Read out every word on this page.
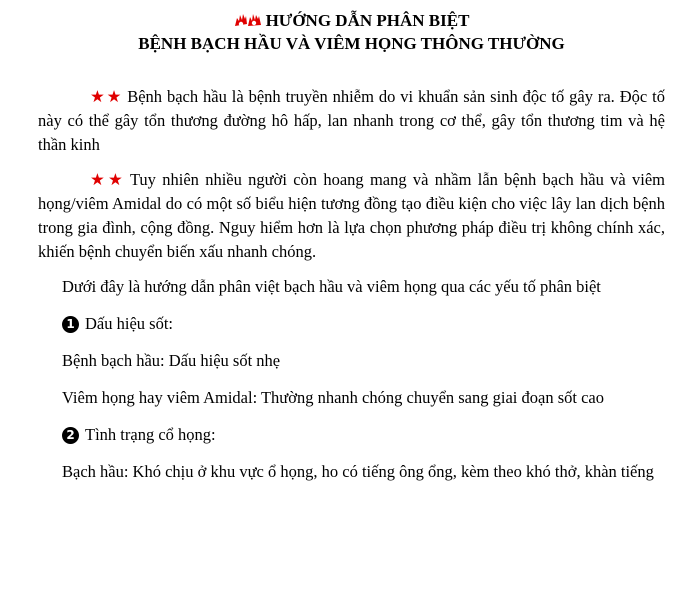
HƯỚNG DẪN PHÂN BIỆT
BỆNH BẠCH HẦU VÀ VIÊM HỌNG THÔNG THƯỜNG

★★ Bệnh bạch hầu là bệnh truyền nhiễm do vi khuẩn sản sinh độc tố gây ra. Độc tố này có thể gây tổn thương đường hô hấp, lan nhanh trong cơ thể, gây tổn thương tim và hệ thần kinh

★★ Tuy nhiên nhiều người còn hoang mang và nhầm lẫn bệnh bạch hầu và viêm họng/viêm Amidal do có một số biểu hiện tương đồng tạo điều kiện cho việc lây lan dịch bệnh trong gia đình, cộng đồng. Nguy hiểm hơn là lựa chọn phương pháp điều trị không chính xác, khiến bệnh chuyển biến xấu nhanh chóng.

Dưới đây là hướng dẫn phân việt bạch hầu và viêm họng qua các yếu tố phân biệt

1 Dấu hiệu sốt:

Bệnh bạch hầu: Dấu hiệu sốt nhẹ

Viêm họng hay viêm Amidal: Thường nhanh chóng chuyển sang giai đoạn sốt cao

2 Tình trạng cổ họng:

Bạch hầu: Khó chịu ở khu vực ổ họng, ho có tiếng ông ổng, kèm theo khó thở, khàn tiếng
